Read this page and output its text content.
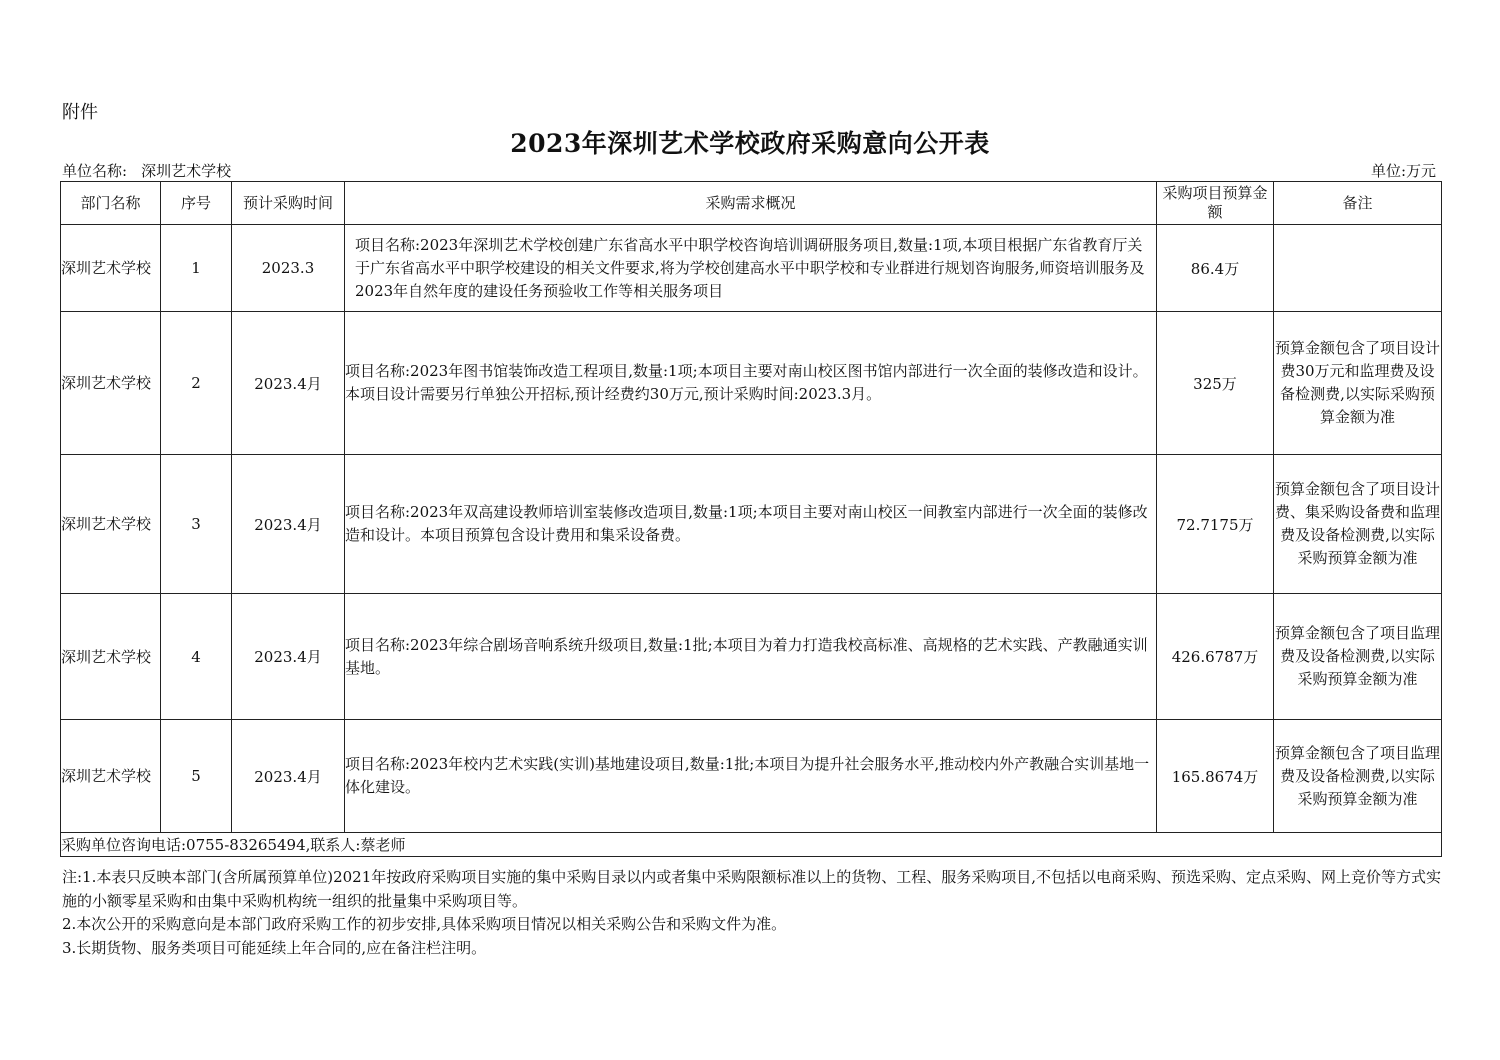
附件
2023年深圳艺术学校政府采购意向公开表
单位名称: 深圳艺术学校	单位:万元
部门名称	序号	预计采购时间	采购需求概况	采购项目预算金额	备注
深圳艺术学校	1	2023.3	项目名称:2023年深圳艺术学校创建广东省高水平中职学校咨询培训调研服务项目,数量:1项,本项目根据广东省教育厅关于广东省高水平中职学校建设的相关文件要求,将为学校创建高水平中职学校和专业群进行规划咨询服务,师资培训服务及2023年自然年度的建设任务预验收工作等相关服务项目	86.4万	
深圳艺术学校	2	2023.4月	项目名称:2023年图书馆装饰改造工程项目,数量:1项;本项目主要对南山校区图书馆内部进行一次全面的装修改造和设计。本项目设计需要另行单独公开招标,预计经费约30万元,预计采购时间:2023.3月。	325万	预算金额包含了项目设计费30万元和监理费及设备检测费,以实际采购预算金额为准
深圳艺术学校	3	2023.4月	项目名称:2023年双高建设教师培训室装修改造项目,数量:1项;本项目主要对南山校区一间教室内部进行一次全面的装修改造和设计。本项目预算包含设计费用和集采设备费。	72.7175万	预算金额包含了项目设计费、集采购设备费和监理费及设备检测费,以实际采购预算金额为准
深圳艺术学校	4	2023.4月	项目名称:2023年综合剧场音响系统升级项目,数量:1批;本项目为着力打造我校高标准、高规格的艺术实践、产教融通实训基地。	426.6787万	预算金额包含了项目监理费及设备检测费,以实际采购预算金额为准
深圳艺术学校	5	2023.4月	项目名称:2023年校内艺术实践(实训)基地建设项目,数量:1批;本项目为提升社会服务水平,推动校内外产教融合实训基地一体化建设。	165.8674万	预算金额包含了项目监理费及设备检测费,以实际采购预算金额为准
采购单位咨询电话:0755-83265494,联系人:蔡老师					

注:1.本表只反映本部门(含所属预算单位)2021年按政府采购项目实施的集中采购目录以内或者集中采购限额标准以上的货物、工程、服务采购项目,不包括以电商采购、预选采购、定点采购、网上竞价等方式实施的小额零星采购和由集中采购机构统一组织的批量集中采购项目等。

2.本次公开的采购意向是本部门政府采购工作的初步安排,具体采购项目情况以相关采购公告和采购文件为准。

3.长期货物、服务类项目可能延续上年合同的,应在备注栏注明。
